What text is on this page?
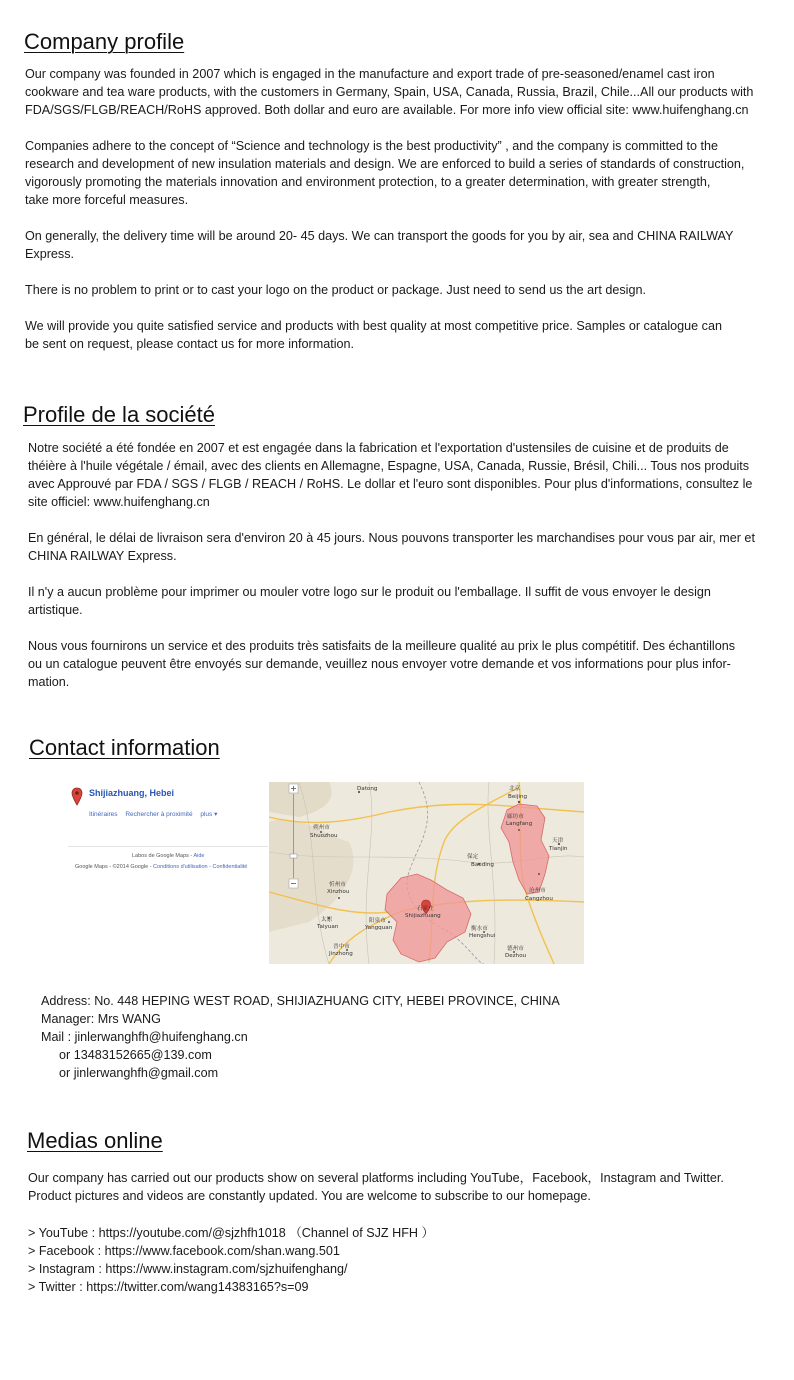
Company profile

Our company was founded in 2007 which is engaged in the manufacture and export trade of pre-seasoned/enamel cast iron
cookware and tea ware products, with the customers in Germany, Spain, USA, Canada, Russia, Brazil, Chile...All our products with
FDA/SGS/FLGB/REACH/RoHS approved. Both dollar and euro are available. For more info view official site: www.huifenghang.cn

Companies adhere to the concept of “Science and technology is the best productivity” , and the company is committed to the
research and development of new insulation materials and design. We are enforced to build a series of standards of construction,
vigorously promoting the materials innovation and environment protection, to a greater determination, with greater strength,
take more forceful measures.

On generally, the delivery time will be around 20- 45 days. We can transport the goods for you by air, sea and CHINA RAILWAY
Express.

There is no problem to print or to cast your logo on the product or package. Just need to send us the art design.

We will provide you quite satisfied service and products with best quality at most competitive price. Samples or catalogue can
be sent on request, please contact us for more information.

Profile de la société

Notre société a été fondée en 2007 et est engagée dans la fabrication et l'exportation d'ustensiles de cuisine et de produits de
théière à l'huile végétale / émail, avec des clients en Allemagne, Espagne, USA, Canada, Russie, Brésil, Chili... Tous nos produits
avec Approuvé par FDA / SGS / FLGB / REACH / RoHS. Le dollar et l'euro sont disponibles. Pour plus d'informations, consultez le
site officiel: www.huifenghang.cn

En général, le délai de livraison sera d'environ 20 à 45 jours. Nous pouvons transporter les marchandises pour vous par air, mer et
CHINA RAILWAY Express.

Il n'y a aucun problème pour imprimer ou mouler votre logo sur le produit ou l'emballage. Il suffit de vous envoyer le design
artistique.

Nous vous fournirons un service et des produits très satisfaits de la meilleure qualité au prix le plus compétitif. Des échantillons
ou un catalogue peuvent être envoyés sur demande, veuillez nous envoyer votre demande et vos informations pour plus infor-
mation.

Contact information
Shijiazhuang, Hebei
Itinéraires Rechercher à proximité plus ▾
Labos de Google Maps - Aide
Google Maps - ©2014 Google - Conditions d'utilisation - Confidentialité
北京
Beijing
Datong
廊坊市
Langfang
天津
Tianjin
朔州市
Shuozhou
保定
Baoding
沧州市
Cangzhou
忻州市
Xinzhou
太原
Taiyuan
石家庄
Shijiazhuang
阳泉市
Yangquan	衡水市
Hengshui
晋中市
Jinzhong
德州市
Dezhou

Address: No. 448 HEPING WEST ROAD, SHIJIAZHUANG CITY, HEBEI PROVINCE, CHINA
Manager: Mrs WANG
Mail : jinlerwanghfh@huifenghang.cn
or 13483152665@139.com
or jinlerwanghfh@gmail.com

Medias online

Our company has carried out our products show on several platforms including YouTube，Facebook，Instagram and Twitter.
Product pictures and videos are constantly updated. You are welcome to subscribe to our homepage.

> YouTube : https://youtube.com/@sjzhfh1018 （Channel of SJZ HFH ）
> Facebook : https://www.facebook.com/shan.wang.501
> Instagram : https://www.instagram.com/sjzhuifenghang/
> Twitter : https://twitter.com/wang14383165?s=09
